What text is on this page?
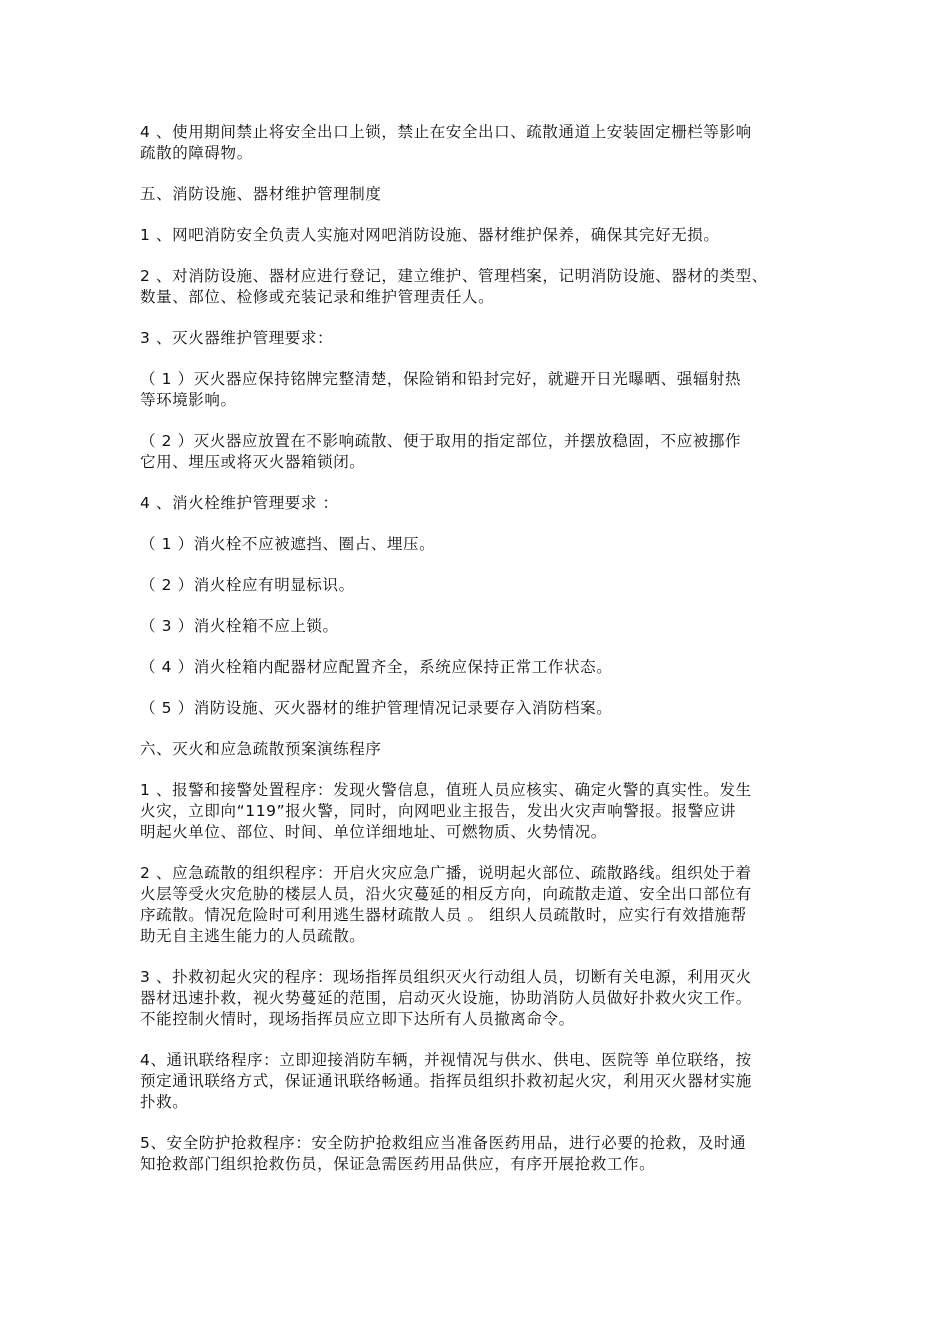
4 、使用期间禁止将安全出口上锁，禁止在安全出口、疏散通道上安装固定栅栏等影响
疏散的障碍物。
五、消防设施、器材维护管理制度
1 、网吧消防安全负责人实施对网吧消防设施、器材维护保养，确保其完好无损。
2 、对消防设施、器材应进行登记，建立维护、管理档案，记明消防设施、器材的类型、
数量、部位、检修或充装记录和维护管理责任人。
3 、灭火器维护管理要求：
（ 1 ）灭火器应保持铭牌完整清楚，保险销和铅封完好，就避开日光曝晒、强辐射热
等环境影响。
（ 2 ）灭火器应放置在不影响疏散、便于取用的指定部位，并摆放稳固，不应被挪作
它用、埋压或将灭火器箱锁闭。
4 、消火栓维护管理要求 ：
（ 1 ）消火栓不应被遮挡、圈占、埋压。
（ 2 ）消火栓应有明显标识。
（ 3 ）消火栓箱不应上锁。
（ 4 ）消火栓箱内配器材应配置齐全，系统应保持正常工作状态。
（ 5 ）消防设施、灭火器材的维护管理情况记录要存入消防档案。
六、灭火和应急疏散预案演练程序
1 、报警和接警处置程序：发现火警信息，值班人员应核实、确定火警的真实性。发生
火灾，立即向“119”报火警，同时，向网吧业主报告，发出火灾声响警报。报警应讲
明起火单位、部位、时间、单位详细地址、可燃物质、火势情况。
2 、应急疏散的组织程序：开启火灾应急广播，说明起火部位、疏散路线。组织处于着
火层等受火灾危胁的楼层人员，沿火灾蔓延的相反方向，向疏散走道、安全出口部位有
序疏散。情况危险时可利用逃生器材疏散人员 。 组织人员疏散时，应实行有效措施帮
助无自主逃生能力的人员疏散。
3 、扑救初起火灾的程序：现场指挥员组织灭火行动组人员，切断有关电源，利用灭火
器材迅速扑救，视火势蔓延的范围，启动灭火设施，协助消防人员做好扑救火灾工作。
不能控制火情时，现场指挥员应立即下达所有人员撤离命令。
4、通讯联络程序：立即迎接消防车辆，并视情况与供水、供电、医院等 单位联络，按
预定通讯联络方式，保证通讯联络畅通。指挥员组织扑救初起火灾，利用灭火器材实施
扑救。
5、安全防护抢救程序：安全防护抢救组应当准备医药用品，进行必要的抢救，及时通
知抢救部门组织抢救伤员，保证急需医药用品供应，有序开展抢救工作。
